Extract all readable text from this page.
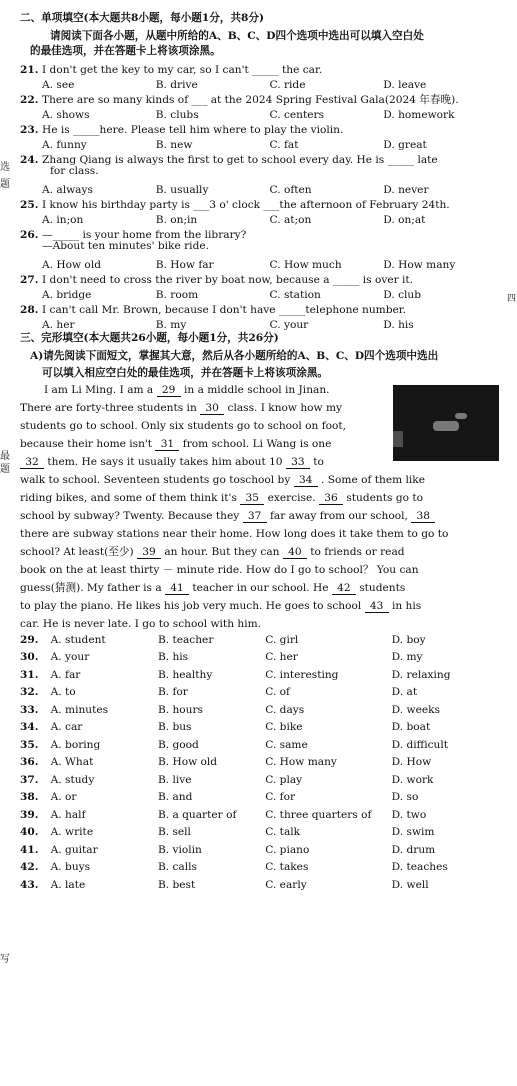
选
题
最
题
写
四
二、单项填空(本大题共8小题，每小题1分，共8分)
请阅读下面各小题，从题中所给的A、B、C、D四个选项中选出可以填入空白处
的最佳选项，并在答题卡上将该项涂黑。
21. I don't get the key to my car, so I can't _____ the car.
A. see	B. drive	C. ride	D. leave
22. There are so many kinds of ___ at the 2024 Spring Festival Gala(2024 年春晚).
A. shows	B. clubs	C. centers	D. homework
23. He is _____here. Please tell him where to play the violin.
A. funny	B. new	C. fat	D. great
24. Zhang Qiang is always the first to get to school every day. He is _____ late
for class.
A. always	B. usually	C. often	D. never
25. I know his birthday party is ___3 o' clock ___the afternoon of February 24th.
A. in;on	B. on;in	C. at;on	D. on;at
26. —_____ is your home from the library?
—About ten minutes' bike ride.
A. How old	B. How far	C. How much	D. How many
27. I don't need to cross the river by boat now, because a _____ is over it.
A. bridge	B. room	C. station	D. club
28. I can't call Mr. Brown, because I don't have _____telephone number.
A. her	B. my	C. your	D. his
三、完形填空(本大题共26小题，每小题1分，共26分)
A)请先阅读下面短文，掌握其大意，然后从各小题所给的A、B、C、D四个选项中选出
可以填入相应空白处的最佳选项，并在答题卡上将该项涂黑。
I am Li Ming. I am a 29 in a middle school in Jinan.
There are forty-three students in 30 class. I know how my
students go to school. Only six students go to school on foot,
because their home isn't 31 from school. Li Wang is one
32 them. He says it usually takes him about 10 33 to
walk to school. Seventeen students go toschool by 34 . Some of them like
riding bikes, and some of them think it's 35 exercise. 36 students go to
school by subway? Twenty. Because they 37 far away from our school, 38
there are subway stations near their home. How long does it take them to go to
school? At least(至少) 39 an hour. But they can 40 to friends or read
book on the at least thirty － minute ride. How do I go to school？ You can
guess(猜测). My father is a 41 teacher in our school. He 42 students
to play the piano. He likes his job very much. He goes to school 43 in his
car. He is never late. I go to school with him.
29.	A. student	B. teacher	C. girl	D. boy
30.	A. your	B. his	C. her	D. my
31.	A. far	B. healthy	C. interesting	D. relaxing
32.	A. to	B. for	C. of	D. at
33.	A. minutes	B. hours	C. days	D. weeks
34.	A. car	B. bus	C. bike	D. boat
35.	A. boring	B. good	C. same	D. difficult
36.	A. What	B. How old	C. How many	D. How
37.	A. study	B. live	C. play	D. work
38.	A. or	B. and	C. for	D. so
39.	A. half	B. a quarter of	C. three quarters of	D. two
40.	A. write	B. sell	C. talk	D. swim
41.	A. guitar	B. violin	C. piano	D. drum
42.	A. buys	B. calls	C. takes	D. teaches
43.	A. late	B. best	C. early	D. well
